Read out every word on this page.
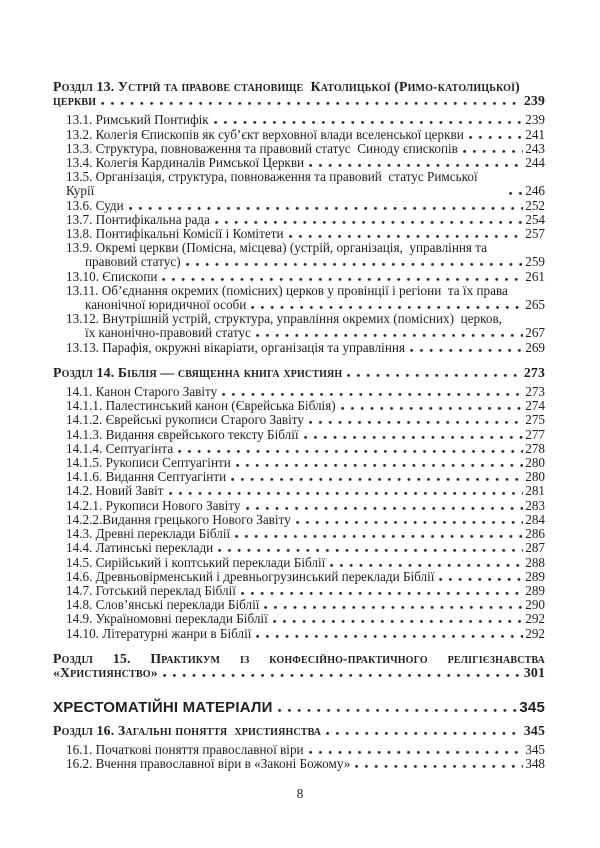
Розділ 13. Устрій та правове становище  Католицької (Римо-католицької)
церкви	239
13.1. Римський Понтифік	239
13.2. Колегія Єпископів як суб’єкт верховної влади вселенської церкви	241
13.3. Структура, повноваження та правовий статус  Синоду єпископів	243
13.4. Колегія Кардиналів Римської Церкви	244
13.5. Організація, структура, повноваження та правовий  статус Римської Курії	246
13.6. Суди	252
13.7. Понтифікальна рада	254
13.8. Понтифікальні Комісії і Комітети	257
13.9. Окремі церкви (Помісна, місцева) (устрій, організація,  управління та
правовий статус)	259
13.10. Єпископи	261
13.11. Об’єднання окремих (помісних) церков у провінції і регіони  та їх права
канонічної юридичної особи	265
13.12. Внутрішній устрій, структура, управління окремих (помісних)  церков,
їх канонічно-правовий статус	267
13.13. Парафія, окружні вікаріати, організація та управління	269
Розділ 14. Біблія — священна книга християн	273
14.1. Канон Старого Завіту	273
14.1.1. Палестинський канон (Єврейська Біблія)	274
14.1.2. Єврейські рукописи Старого Завіту	275
14.1.3. Видання єврейського тексту Біблії	277
14.1.4. Септуагінта	278
14.1.5. Рукописи Септуагінти	280
14.1.6. Видання Септуагінти	280
14.2. Новий Завіт	281
14.2.1. Рукописи Нового Завіту	283
14.2.2.Видання грецького Нового Завіту	284
14.3. Древні переклади Біблії	286
14.4. Латинські переклади	287
14.5. Сирійський і коптський переклади Біблії	288
14.6. Древньовірменський і древньогрузинський переклади Біблії	289
14.7. Готський переклад Біблії	289
14.8. Слов’янські переклади Біблії	290
14.9. Україномовні переклади Біблії	292
14.10. Літературні жанри в Біблії	292
Розділ 15. Практикум із конфесійно-практичного релігієзнавства
«Християнство»	301
ХРЕСТОМАТІЙНІ МАТЕРІАЛИ	345
Розділ 16. Загальні поняття  християнства	345
16.1. Початкові поняття православної віри	345
16.2. Вчення православної віри в «Законі Божому»	348
8
